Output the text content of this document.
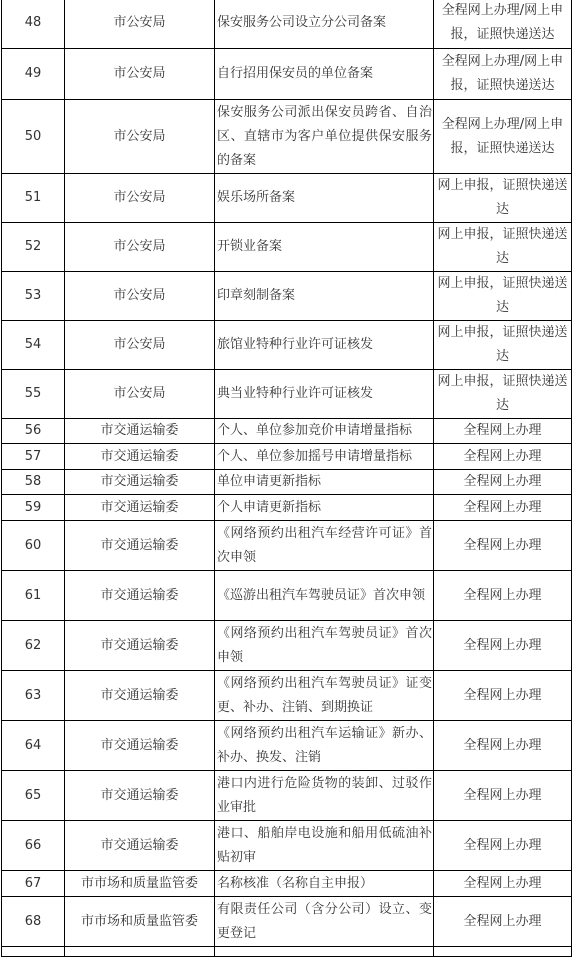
48	市公安局	保安服务公司设立分公司备案	全程网上办理/网上申报，证照快递送达
49	市公安局	自行招用保安员的单位备案	全程网上办理/网上申报，证照快递送达
50	市公安局	保安服务公司派出保安员跨省、自治区、直辖市为客户单位提供保安服务的备案	全程网上办理/网上申报，证照快递送达
51	市公安局	娱乐场所备案	网上申报，证照快递送达
52	市公安局	开锁业备案	网上申报，证照快递送达
53	市公安局	印章刻制备案	网上申报，证照快递送达
54	市公安局	旅馆业特种行业许可证核发	网上申报，证照快递送达
55	市公安局	典当业特种行业许可证核发	网上申报，证照快递送达
56	市交通运输委	个人、单位参加竞价申请增量指标	全程网上办理
57	市交通运输委	个人、单位参加摇号申请增量指标	全程网上办理
58	市交通运输委	单位申请更新指标	全程网上办理
59	市交通运输委	个人申请更新指标	全程网上办理
60	市交通运输委	《网络预约出租汽车经营许可证》首次申领	全程网上办理
61	市交通运输委	《巡游出租汽车驾驶员证》首次申领	全程网上办理
62	市交通运输委	《网络预约出租汽车驾驶员证》首次申领	全程网上办理
63	市交通运输委	《网络预约出租汽车驾驶员证》证变更、补办、注销、到期换证	全程网上办理
64	市交通运输委	《网络预约出租汽车运输证》新办、补办、换发、注销	全程网上办理
65	市交通运输委	港口内进行危险货物的装卸、过驳作业审批	全程网上办理
66	市交通运输委	港口、船舶岸电设施和船用低硫油补贴初审	全程网上办理
67	市市场和质量监管委	名称核准（名称自主申报）	全程网上办理
68	市市场和质量监管委	有限责任公司（含分公司）设立、变更登记	全程网上办理
